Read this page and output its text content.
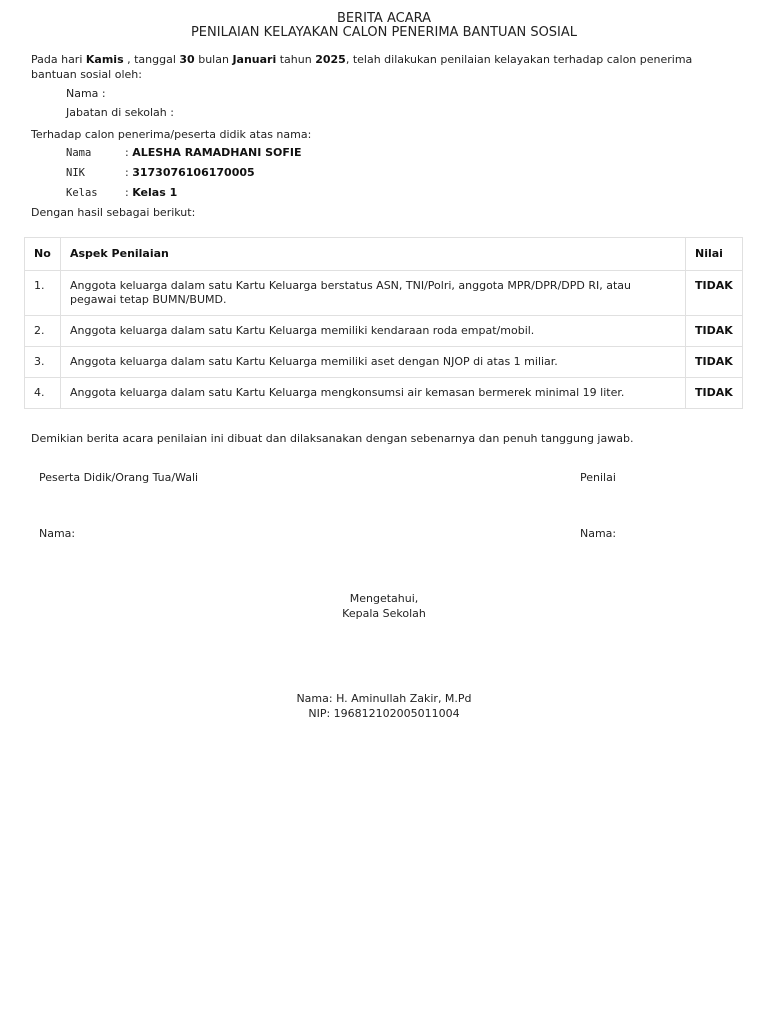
BERITA ACARA
PENILAIAN KELAYAKAN CALON PENERIMA BANTUAN SOSIAL
Pada hari Kamis , tanggal 30 bulan Januari tahun 2025, telah dilakukan penilaian kelayakan terhadap calon penerima bantuan sosial oleh:
Nama :
Jabatan di sekolah :
Terhadap calon penerima/peserta didik atas nama:
Nama	: ALESHA RAMADHANI SOFIE
NIK	: 3173076106170005
Kelas : Kelas 1
Dengan hasil sebagai berikut:
No	Aspek Penilaian	Nilai
1.	Anggota keluarga dalam satu Kartu Keluarga berstatus ASN, TNI/Polri, anggota MPR/DPR/DPD RI, atau pegawai tetap BUMN/BUMD.	TIDAK
2.	Anggota keluarga dalam satu Kartu Keluarga memiliki kendaraan roda empat/mobil.	TIDAK
3.	Anggota keluarga dalam satu Kartu Keluarga memiliki aset dengan NJOP di atas 1 miliar.	TIDAK
4.	Anggota keluarga dalam satu Kartu Keluarga mengkonsumsi air kemasan bermerek minimal 19 liter.	TIDAK
Demikian berita acara penilaian ini dibuat dan dilaksanakan dengan sebenarnya dan penuh tanggung jawab.
Peserta Didik/Orang Tua/Wali	Penilai
Nama:	Nama:
Mengetahui,
Kepala Sekolah
Nama: H. Aminullah Zakir, M.Pd
NIP: 196812102005011004
